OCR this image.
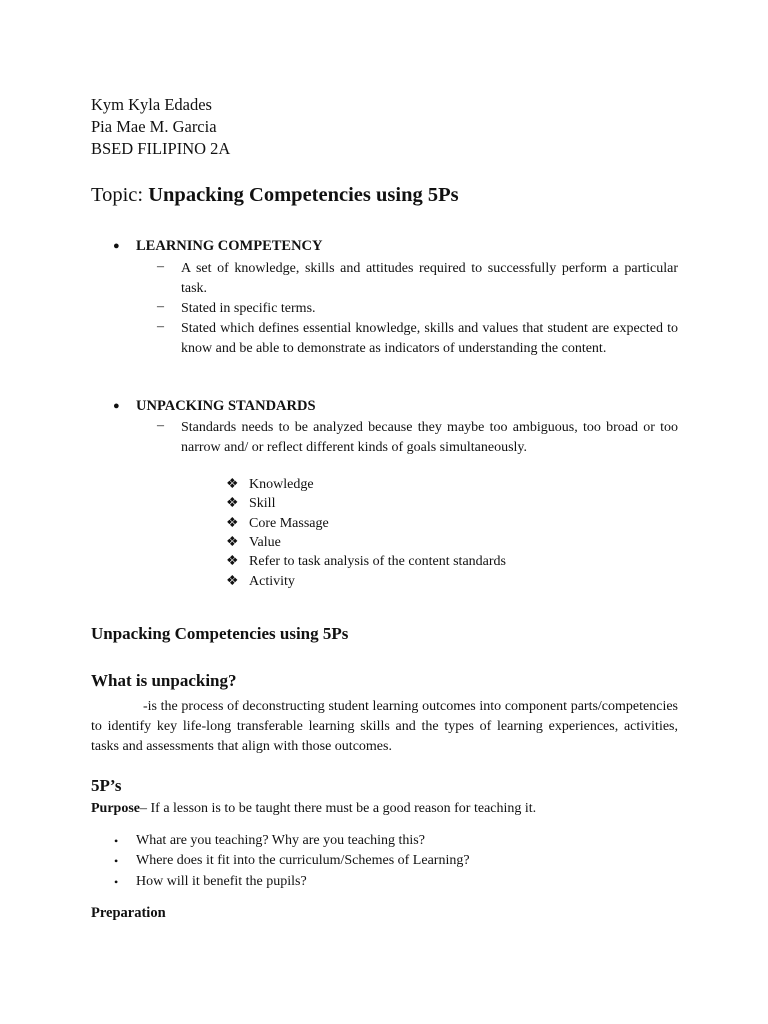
Kym Kyla Edades
Pia Mae M. Garcia
BSED FILIPINO 2A
Topic: Unpacking Competencies using 5Ps
● LEARNING COMPETENCY
– A set of knowledge, skills and attitudes required to successfully perform a particular task.
– Stated in specific terms.
– Stated which defines essential knowledge, skills and values that student are expected to know and be able to demonstrate as indicators of understanding the content.
● UNPACKING STANDARDS
– Standards needs to be analyzed because they maybe too ambiguous, too broad or too narrow and/ or reflect different kinds of goals simultaneously.
❖ Knowledge
❖ Skill
❖ Core Massage
❖ Value
❖ Refer to task analysis of the content standards
❖ Activity
Unpacking Competencies using 5Ps
What is unpacking?
-is the process of deconstructing student learning outcomes into component parts/competencies to identify key life-long transferable learning skills and the types of learning experiences, activities, tasks and assessments that align with those outcomes.
5P’s
Purpose– If a lesson is to be taught there must be a good reason for teaching it.
• What are you teaching? Why are you teaching this?
• Where does it fit into the curriculum/Schemes of Learning?
• How will it benefit the pupils?
Preparation
